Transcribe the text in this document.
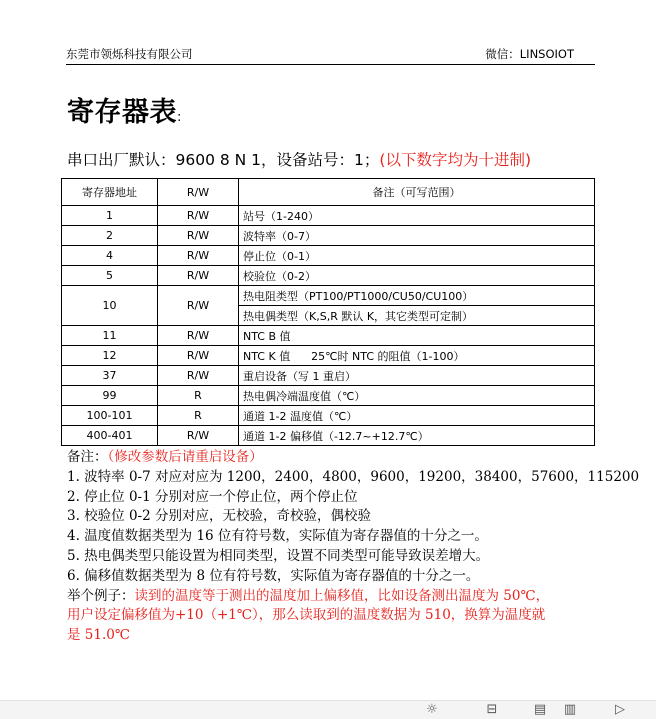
东莞市领烁科技有限公司	微信：LINSOIOT
寄存器表:
串口出厂默认：9600 8 N 1，设备站号：1；(以下数字均为十进制)
寄存器地址	R/W	备注（可写范围）
1	R/W	站号（1-240）
2	R/W	波特率（0-7）
4	R/W	停止位（0-1）
5	R/W	校验位（0-2）
10	R/W	热电阻类型（PT100/PT1000/CU50/CU100）
		热电偶类型（K,S,R 默认 K，其它类型可定制）
11	R/W	NTC B 值
12	R/W	NTC K 值      25℃时 NTC 的阻值（1-100）
37	R/W	重启设备（写 1 重启）
99	R	热电偶冷端温度值（℃）
100-101	R	通道 1-2 温度值（℃）
400-401	R/W	通道 1-2 偏移值（-12.7~+12.7℃）
备注：（修改参数后请重启设备）
1. 波特率 0-7 对应对应为 1200，2400，4800，9600，19200，38400，57600，115200
2. 停止位 0-1 分别对应一个停止位，两个停止位
3. 校验位 0-2 分别对应，无校验，奇校验，偶校验
4. 温度值数据类型为 16 位有符号数，实际值为寄存器值的十分之一。
5. 热电偶类型只能设置为相同类型，设置不同类型可能导致误差增大。
6. 偏移值数据类型为 8 位有符号数，实际值为寄存器值的十分之一。
举个例子：读到的温度等于测出的温度加上偏移值，比如设备测出温度为 50℃，
用户设定偏移值为+10（+1℃），那么读取到的温度数据为 510，换算为温度就
是 51.0℃
☼	⊟	▤ ▥	▷
